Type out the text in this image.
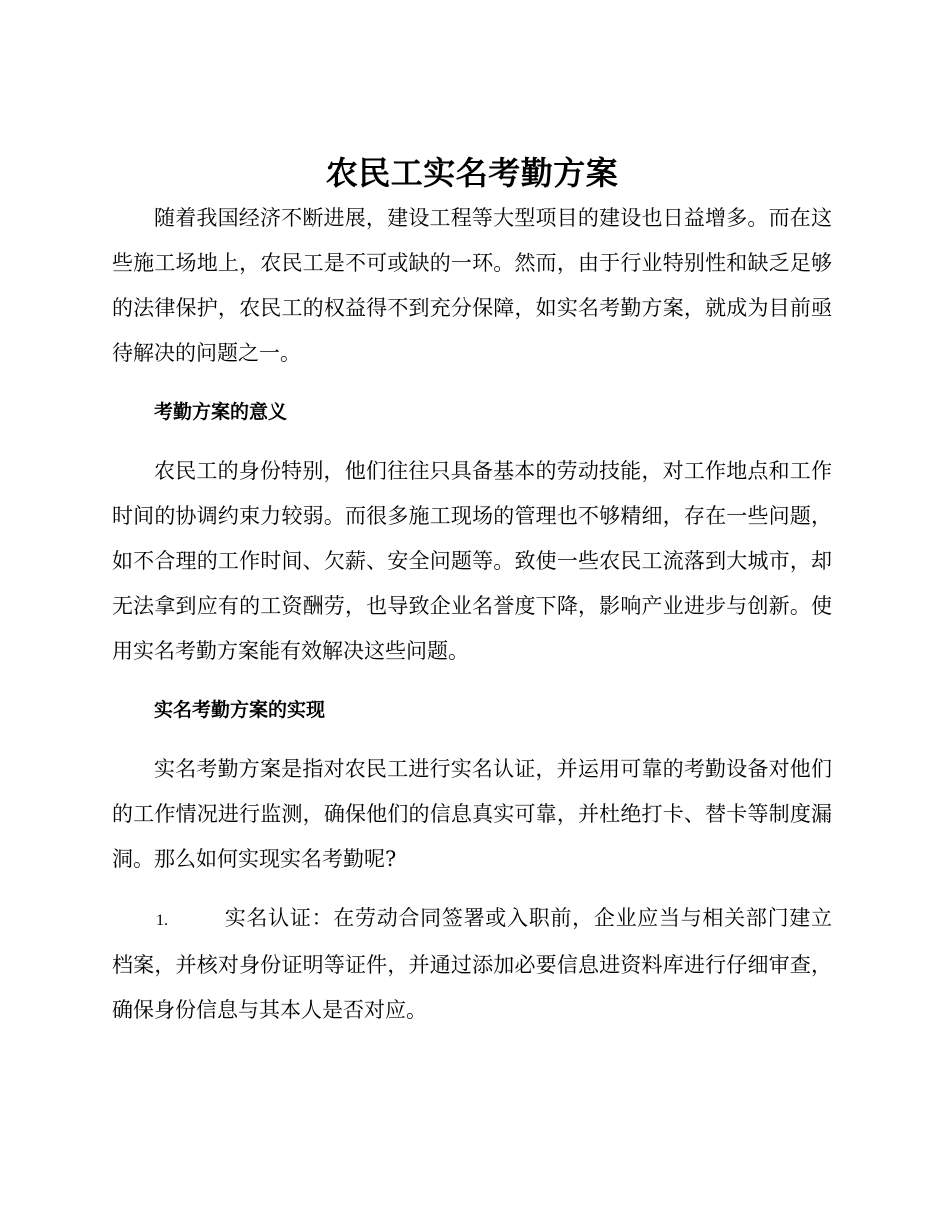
农民工实名考勤方案

随着我国经济不断进展，建设工程等大型项目的建设也日益增多。而在这些施工场地上，农民工是不可或缺的一环。然而，由于行业特别性和缺乏足够的法律保护，农民工的权益得不到充分保障，如实名考勤方案，就成为目前亟待解决的问题之一。

考勤方案的意义

农民工的身份特别，他们往往只具备基本的劳动技能，对工作地点和工作时间的协调约束力较弱。而很多施工现场的管理也不够精细，存在一些问题，如不合理的工作时间、欠薪、安全问题等。致使一些农民工流落到大城市，却无法拿到应有的工资酬劳，也导致企业名誉度下降，影响产业进步与创新。使用实名考勤方案能有效解决这些问题。

实名考勤方案的实现

实名考勤方案是指对农民工进行实名认证，并运用可靠的考勤设备对他们的工作情况进行监测，确保他们的信息真实可靠，并杜绝打卡、替卡等制度漏洞。那么如何实现实名考勤呢?

1.	实名认证：在劳动合同签署或入职前，企业应当与相关部门建立档案，并核对身份证明等证件，并通过添加必要信息进资料库进行仔细审查，确保身份信息与其本人是否对应。
